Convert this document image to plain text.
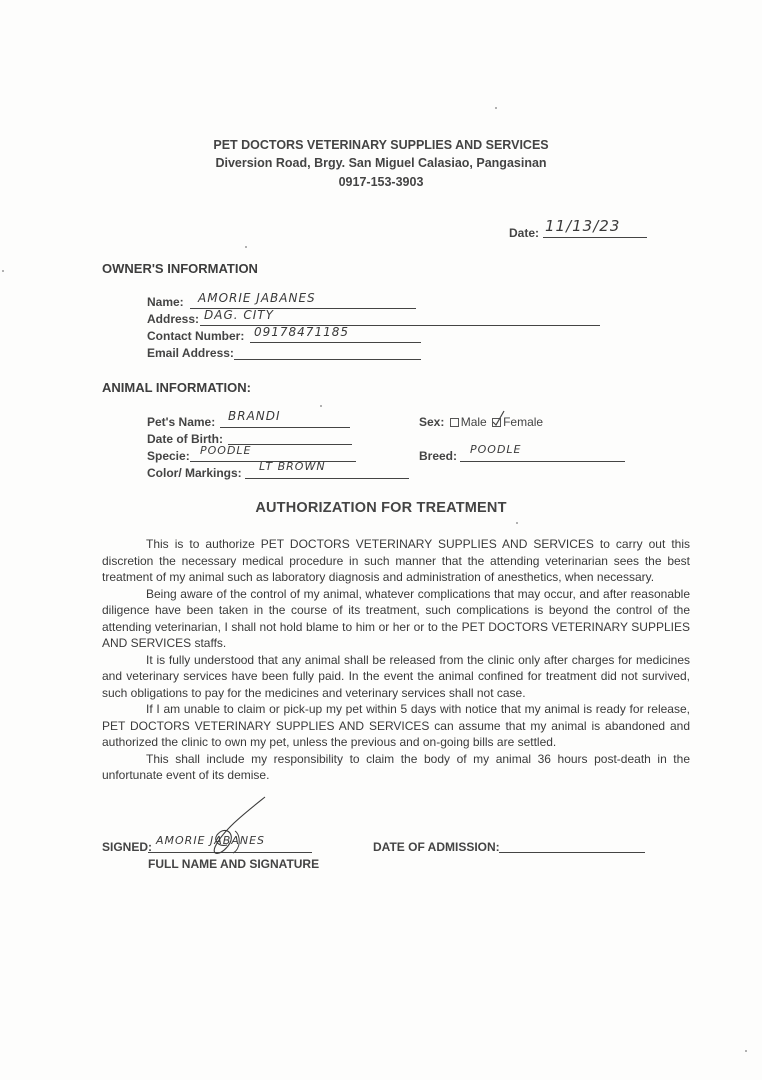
PET DOCTORS VETERINARY SUPPLIES AND SERVICES
Diversion Road, Brgy. San Miguel Calasiao, Pangasinan
0917-153-3903
Date: 11/13/23
OWNER'S INFORMATION
Name: AMORIE JABANES
Address: DAG. CITY
Contact Number: 09178471185
Email Address:
ANIMAL INFORMATION:
Pet's Name: BRANDI
Date of Birth:
Specie: POODLE
Color/ Markings: LT BROWN
Sex: Male Female
Breed: POODLE
AUTHORIZATION FOR TREATMENT

This is to authorize PET DOCTORS VETERINARY SUPPLIES AND SERVICES to carry out this discretion the necessary medical procedure in such manner that the attending veterinarian sees the best treatment of my animal such as laboratory diagnosis and administration of anesthetics, when necessary.

Being aware of the control of my animal, whatever complications that may occur, and after reasonable diligence have been taken in the course of its treatment, such complications is beyond the control of the attending veterinarian, I shall not hold blame to him or her or to the PET DOCTORS VETERINARY SUPPLIES AND SERVICES staffs.

It is fully understood that any animal shall be released from the clinic only after charges for medicines and veterinary services have been fully paid. In the event the animal confined for treatment did not survived, such obligations to pay for the medicines and veterinary services shall not case.

If I am unable to claim or pick-up my pet within 5 days with notice that my animal is ready for release, PET DOCTORS VETERINARY SUPPLIES AND SERVICES can assume that my animal is abandoned and authorized the clinic to own my pet, unless the previous and on-going bills are settled.

This shall include my responsibility to claim the body of my animal 36 hours post-death in the unfortunate event of its demise.

SIGNED: AMORIE JABANES
FULL NAME AND SIGNATURE
DATE OF ADMISSION:
